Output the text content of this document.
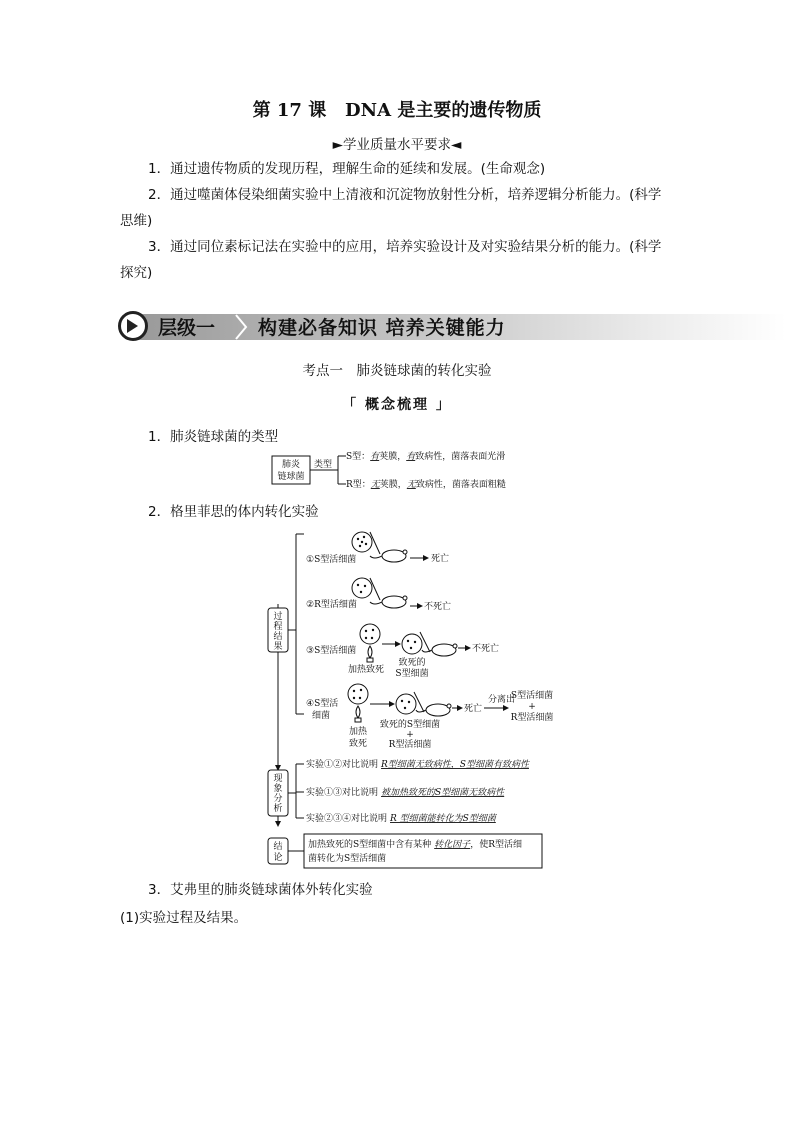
第 17 课 DNA 是主要的遗传物质
►学业质量水平要求◄
1．通过遗传物质的发现历程，理解生命的延续和发展。(生命观念)
2．通过噬菌体侵染细菌实验中上清液和沉淀物放射性分析，培养逻辑分析能力。(科学
思维)
3．通过同位素标记法在实验中的应用，培养实验设计及对实验结果分析的能力。(科学
探究)
层级一 构建必备知识 培养关键能力
考点一　肺炎链球菌的转化实验
「 概念梳理 」
1．肺炎链球菌的类型
肺炎
链球菌
类型
S型：有荚膜，有致病性，菌落表面光滑
R型：无荚膜，无致病性，菌落表面粗糙
2．格里菲思的体内转化实验
过
程
结
果
①S型活细菌	死亡
②R型活细菌	不死亡
③S型活细菌
加热致死
致死的
S型细菌
不死亡
④S型活
细菌
加热
致死
致死的S型细菌
+
R型活细菌
死亡
分离出
S型活细菌
+
R型活细菌
现
象
分
析
实验①②对比说明 R型细菌无致病性，S型细菌有致病性
实验①③对比说明 被加热致死的S型细菌无致病性
实验②③④对比说明 R 型细菌能转化为S型细菌
结
论
加热致死的S型细菌中含有某种 转化因子，使R型活细
菌转化为S型活细菌
3．艾弗里的肺炎链球菌体外转化实验
(1)实验过程及结果。
